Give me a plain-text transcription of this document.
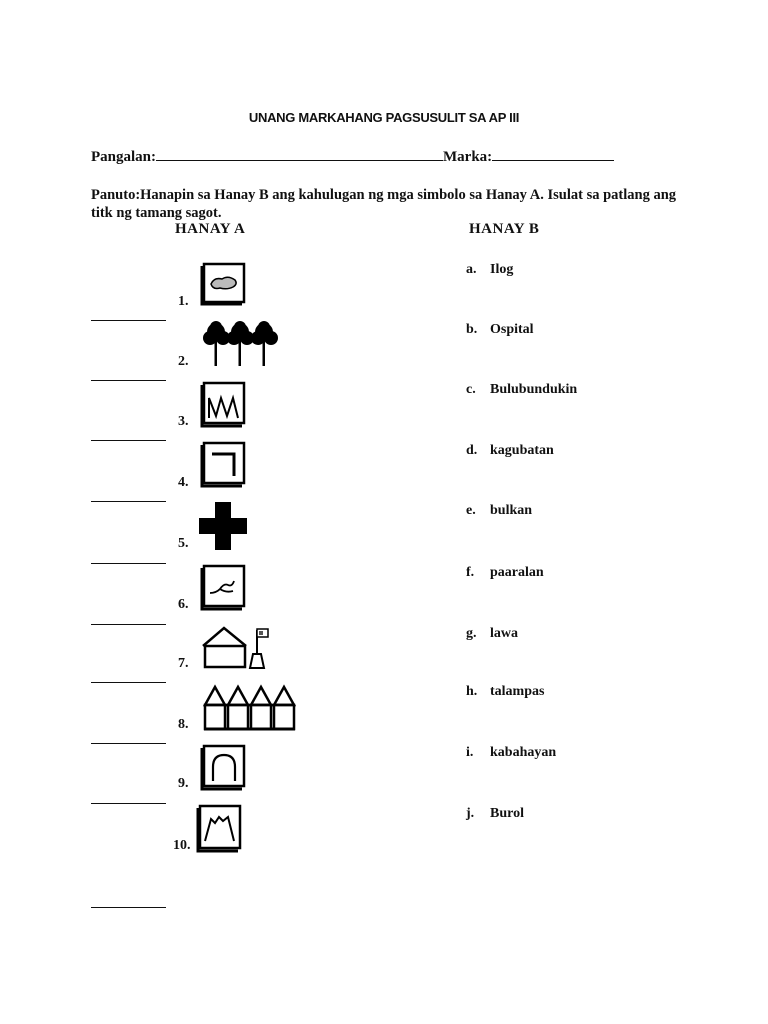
UNANG MARKAHANG PAGSUSULIT SA AP III
Pangalan:	Marka:
Panuto:Hanapin sa Hanay B ang kahulugan ng mga simbolo sa Hanay A. Isulat sa patlang ang titk ng tamang sagot.
HANAY A	HANAY B
1.
2.
3.
4.
5.
6.
7.
8.
9.
10.
a. Ilog
b. Ospital
c. Bulubundukin
d. kagubatan
e. bulkan
f. paaralan
g. lawa
h. talampas
i. kabahayan
j. Burol
